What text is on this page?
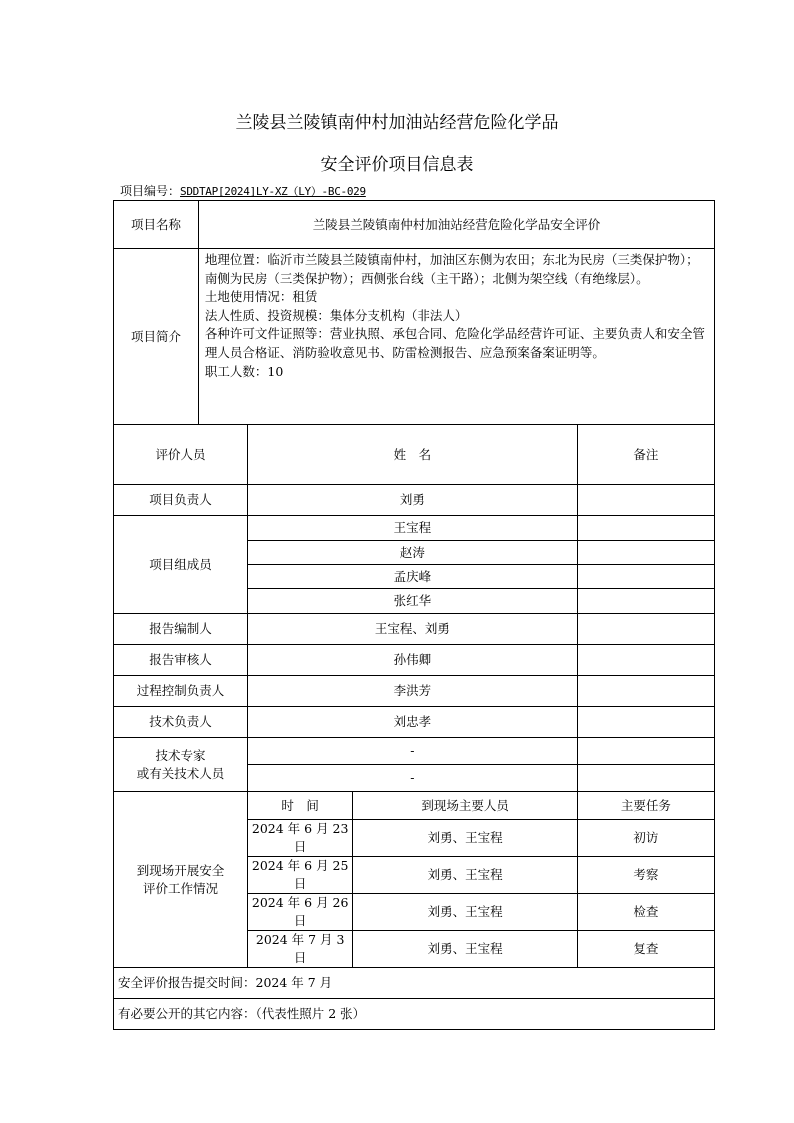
兰陵县兰陵镇南仲村加油站经营危险化学品
安全评价项目信息表
项目编号：SDDTAP[2024]LY-XZ（LY）-BC-029
项目名称	兰陵县兰陵镇南仲村加油站经营危险化学品安全评价			
项目简介	地理位置：临沂市兰陵县兰陵镇南仲村，加油区东侧为农田；东北为民房（三类保护物）；南侧为民房（三类保护物）；西侧张台线（主干路）；北侧为架空线（有绝缘层）。

土地使用情况：租赁

法人性质、投资规模：集体分支机构（非法人）

各种许可文件证照等：营业执照、承包合同、危险化学品经营许可证、主要负责人和安全管理人员合格证、消防验收意见书、防雷检测报告、应急预案备案证明等。

职工人数：10			

评价人员		姓　名		备注
项目负责人		刘勇		
项目组成员		王宝程		
		赵涛		
		孟庆峰		
		张红华		
报告编制人		王宝程、刘勇		
报告审核人		孙伟卿		
过程控制负责人		李洪芳		
技术负责人		刘忠孝		

技术专家
或有关技术人员		-		
		-		

到现场开展安全
评价工作情况		时　间	到现场主要人员	主要任务
		2024 年 6 月 23 日	刘勇、王宝程	初访
		2024 年 6 月 25 日	刘勇、王宝程	考察
		2024 年 6 月 26 日	刘勇、王宝程	检查
		2024 年 7 月 3 日	刘勇、王宝程	复查
安全评价报告提交时间：2024 年 7 月				
有必要公开的其它内容：（代表性照片 2 张）				
